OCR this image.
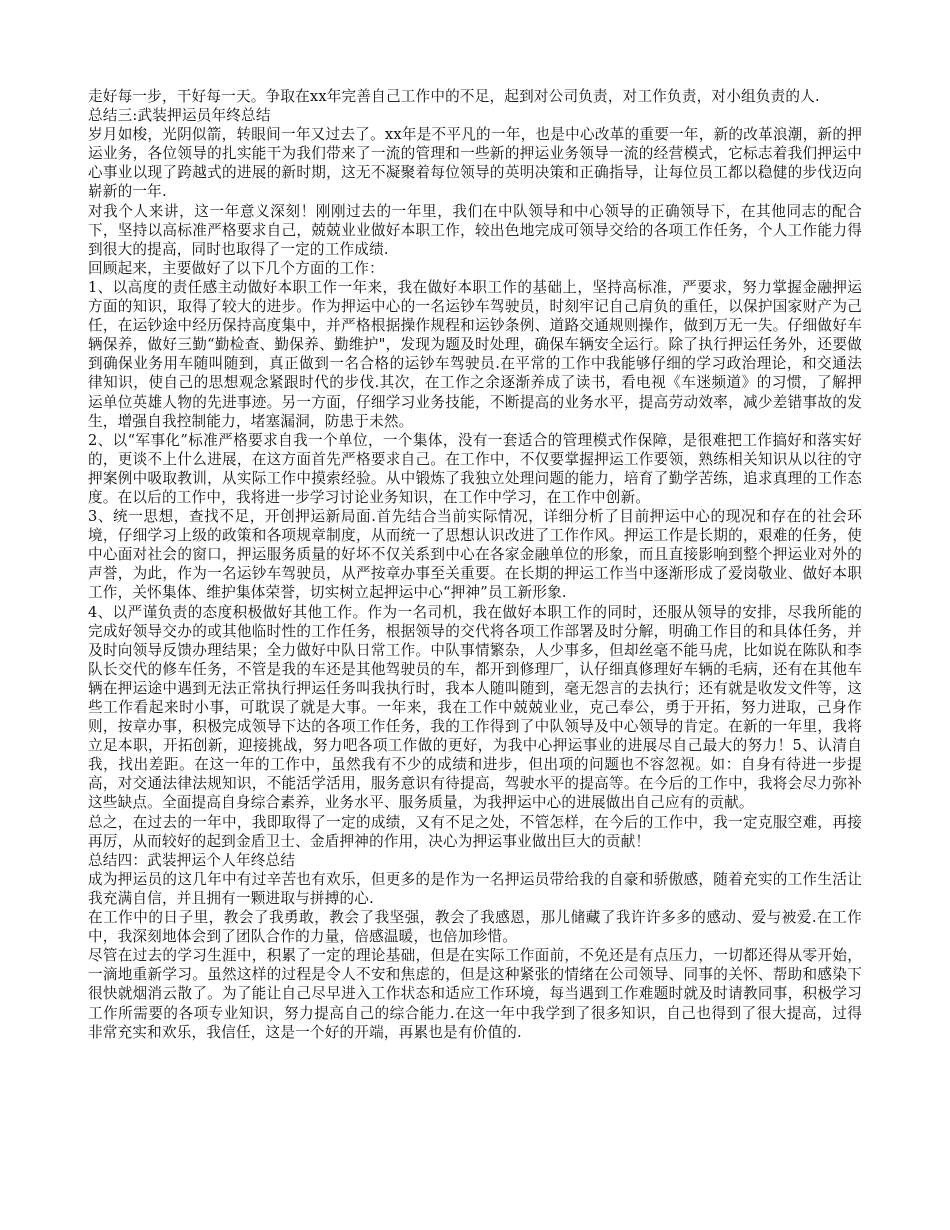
走好每一步，干好每一天。争取在xx年完善自己工作中的不足，起到对公司负责，对工作负责，对小组负责的人.

总结三:武装押运员年终总结

岁月如梭，光阴似箭，转眼间一年又过去了。xx年是不平凡的一年，也是中心改革的重要一年，新的改革浪潮，新的押运业务，各位领导的扎实能干为我们带来了一流的管理和一些新的押运业务领导一流的经营模式，它标志着我们押运中心事业以现了跨越式的进展的新时期，这无不凝聚着每位领导的英明决策和正确指导，让每位员工都以稳健的步伐迈向崭新的一年.

对我个人来讲，这一年意义深刻！刚刚过去的一年里，我们在中队领导和中心领导的正确领导下，在其他同志的配合下，坚持以高标准严格要求自己，兢兢业业做好本职工作，较出色地完成可领导交给的各项工作任务，个人工作能力得到很大的提高，同时也取得了一定的工作成绩.

回顾起来，主要做好了以下几个方面的工作：

1、以高度的责任感主动做好本职工作一年来，我在做好本职工作的基础上，坚持高标准，严要求，努力掌握金融押运方面的知识，取得了较大的进步。作为押运中心的一名运钞车驾驶员，时刻牢记自己肩负的重任，以保护国家财产为己任，在运钞途中经历保持高度集中，并严格根据操作规程和运钞条例、道路交通规则操作，做到万无一失。仔细做好车辆保养，做好三勤“勤检查、勤保养、勤维护"，发现为题及时处理，确保车辆安全运行。除了执行押运任务外，还要做到确保业务用车随叫随到，真正做到一名合格的运钞车驾驶员.在平常的工作中我能够仔细的学习政治理论，和交通法律知识，使自己的思想观念紧跟时代的步伐.其次，在工作之余逐渐养成了读书，看电视《车迷频道》的习惯，了解押运单位英雄人物的先进事迹。另一方面，仔细学习业务技能，不断提高的业务水平，提高劳动效率，减少差错事故的发生，增强自我控制能力，堵塞漏洞，防患于未然。

2、以“军事化”标准严格要求自我一个单位，一个集体，没有一套适合的管理模式作保障，是很难把工作搞好和落实好的，更谈不上什么进展，在这方面首先严格要求自己。在工作中，不仅要掌握押运工作要领，熟练相关知识从以往的守押案例中吸取教训，从实际工作中摸索经验。从中锻炼了我独立处理问题的能力，培育了勤学苦练，追求真理的工作态度。在以后的工作中，我将进一步学习讨论业务知识，在工作中学习，在工作中创新。

3、统一思想，查找不足，开创押运新局面.首先结合当前实际情况，详细分析了目前押运中心的现况和存在的社会环境，仔细学习上级的政策和各项规章制度，从而统一了思想认识改进了工作作风。押运工作是长期的，艰难的任务，使中心面对社会的窗口，押运服务质量的好坏不仅关系到中心在各家金融单位的形象，而且直接影响到整个押运业对外的声誉，为此，作为一名运钞车驾驶员，从严按章办事至关重要。在长期的押运工作当中逐渐形成了爱岗敬业、做好本职工作，关怀集体、维护集体荣誉，切实树立起押运中心“押神”员工新形象.

4、以严谨负责的态度积极做好其他工作。作为一名司机，我在做好本职工作的同时，还服从领导的安排，尽我所能的完成好领导交办的或其他临时性的工作任务，根据领导的交代将各项工作部署及时分解，明确工作目的和具体任务，并及时向领导反馈办理结果；全力做好中队日常工作。中队事情繁杂，人少事多，但却丝毫不能马虎，比如说在陈队和李队长交代的修车任务，不管是我的车还是其他驾驶员的车，都开到修理厂，认仔细真修理好车辆的毛病，还有在其他车辆在押运途中遇到无法正常执行押运任务叫我执行时，我本人随叫随到，毫无怨言的去执行；还有就是收发文件等，这些工作看起来时小事，可耽误了就是大事。一年来，我在工作中兢兢业业，克己奉公，勇于开拓，努力进取，己身作则，按章办事，积极完成领导下达的各项工作任务，我的工作得到了中队领导及中心领导的肯定。在新的一年里，我将立足本职，开拓创新，迎接挑战，努力吧各项工作做的更好，为我中心押运事业的进展尽自己最大的努力！5、认清自我，找出差距。在这一年的工作中，虽然我有不少的成绩和进步，但出项的问题也不容忽视。如：自身有待进一步提高，对交通法律法规知识，不能活学活用，服务意识有待提高，驾驶水平的提高等。在今后的工作中，我将会尽力弥补这些缺点。全面提高自身综合素养，业务水平、服务质量，为我押运中心的进展做出自己应有的贡献。

总之，在过去的一年中，我即取得了一定的成绩，又有不足之处，不管怎样，在今后的工作中，我一定克服空难，再接再厉，从而较好的起到金盾卫士、金盾押神的作用，决心为押运事业做出巨大的贡献！

总结四：武装押运个人年终总结

成为押运员的这几年中有过辛苦也有欢乐，但更多的是作为一名押运员带给我的自豪和骄傲感，随着充实的工作生活让我充满自信，并且拥有一颗进取与拼搏的心.

在工作中的日子里，教会了我勇敢，教会了我坚强，教会了我感恩，那儿储藏了我许许多多的感动、爱与被爱.在工作中，我深刻地体会到了团队合作的力量，倍感温暖，也倍加珍惜。

尽管在过去的学习生涯中，积累了一定的理论基础，但是在实际工作面前，不免还是有点压力，一切都还得从零开始，一滴地重新学习。虽然这样的过程是令人不安和焦虑的，但是这种紧张的情绪在公司领导、同事的关怀、帮助和感染下很快就烟消云散了。为了能让自己尽早进入工作状态和适应工作环境，每当遇到工作难题时就及时请教同事，积极学习工作所需要的各项专业知识，努力提高自己的综合能力.在这一年中我学到了很多知识，自己也得到了很大提高，过得非常充实和欢乐，我信任，这是一个好的开端，再累也是有价值的.
